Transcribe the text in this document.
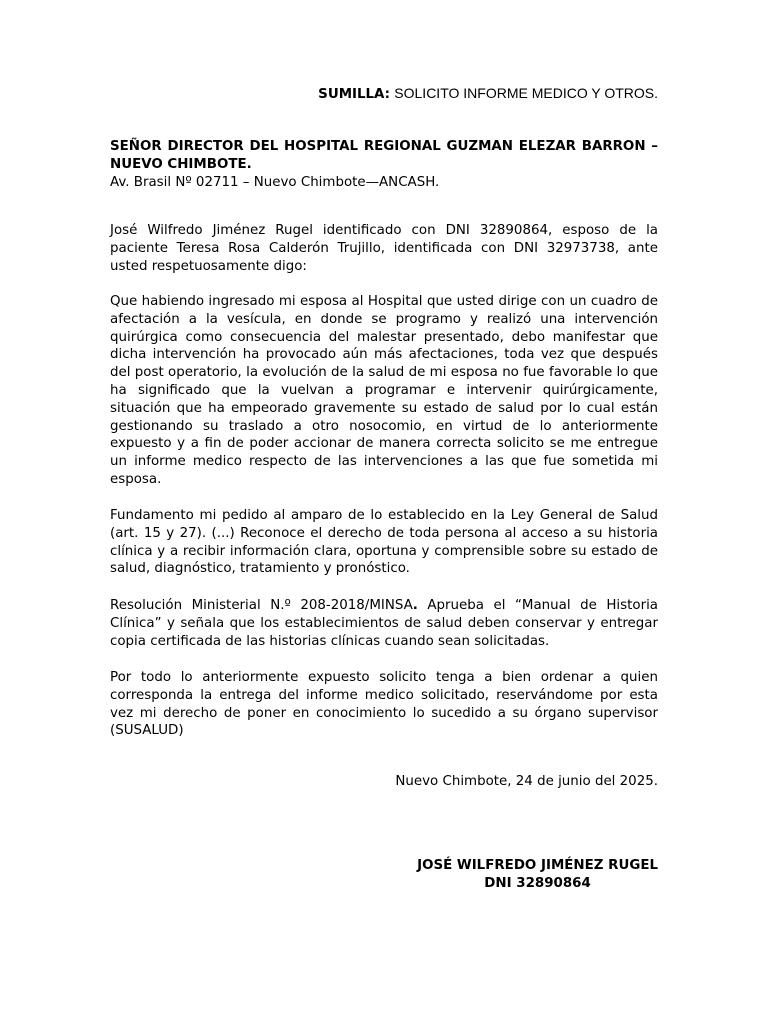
SUMILLA: SOLICITO INFORME MEDICO Y OTROS.
SEÑOR DIRECTOR DEL HOSPITAL REGIONAL GUZMAN ELEZAR BARRON – NUEVO CHIMBOTE.
Av. Brasil Nº 02711 – Nuevo Chimbote—ANCASH.

José Wilfredo Jiménez Rugel identificado con DNI 32890864, esposo de la paciente Teresa Rosa Calderón Trujillo, identificada con DNI 32973738, ante usted respetuosamente digo:

Que habiendo ingresado mi esposa al Hospital que usted dirige con un cuadro de afectación a la vesícula, en donde se programo y realizó una intervención quirúrgica como consecuencia del malestar presentado, debo manifestar que dicha intervención ha provocado aún más afectaciones, toda vez que después del post operatorio, la evolución de la salud de mi esposa no fue favorable lo que ha significado que la vuelvan a programar e intervenir quirúrgicamente, situación que ha empeorado gravemente su estado de salud por lo cual están gestionando su traslado a otro nosocomio, en virtud de lo anteriormente expuesto y a fin de poder accionar de manera correcta solicito se me entregue un informe medico respecto de las intervenciones a las que fue sometida mi esposa.

Fundamento mi pedido al amparo de lo establecido en la Ley General de Salud (art. 15 y 27). (...) Reconoce el derecho de toda persona al acceso a su historia clínica y a recibir información clara, oportuna y comprensible sobre su estado de salud, diagnóstico, tratamiento y pronóstico.

Resolución Ministerial N.º 208-2018/MINSA. Aprueba el “Manual de Historia Clínica” y señala que los establecimientos de salud deben conservar y entregar copia certificada de las historias clínicas cuando sean solicitadas.

Por todo lo anteriormente expuesto solicito tenga a bien ordenar a quien corresponda la entrega del informe medico solicitado, reservándome por esta vez mi derecho de poner en conocimiento lo sucedido a su órgano supervisor (SUSALUD)

Nuevo Chimbote, 24 de junio del 2025.
JOSÉ WILFREDO JIMÉNEZ RUGEL
DNI 32890864
